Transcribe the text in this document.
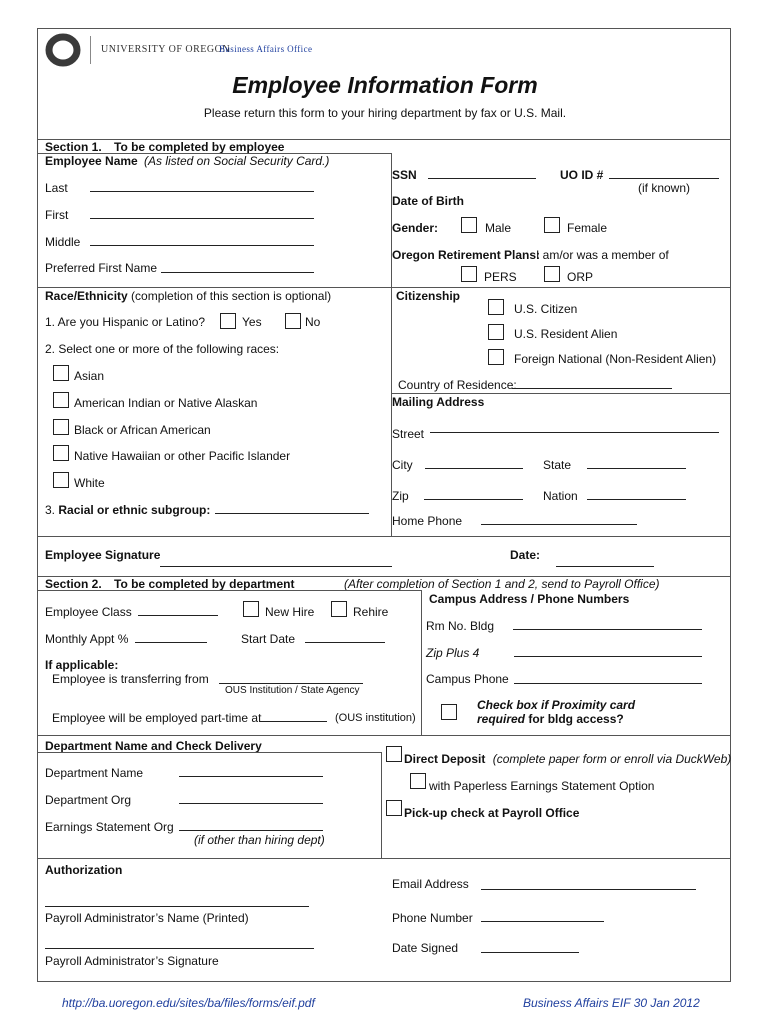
UNIVERSITY OF OREGON
Business Affairs Office
Employee Information Form
Please return this form to your hiring department by fax or U.S. Mail.
Section 1. To be completed by employee
Employee Name (As listed on Social Security Card.)
Last
First
Middle
Preferred First Name
SSN	UO ID #
(if known)
Date of Birth
Gender:	Male	Female
Oregon Retirement Plans:
I am/or was a member of
PERS	ORP
Race/Ethnicity (completion of this section is optional)
1. Are you Hispanic or Latino?	Yes	No
2. Select one or more of the following races:
Asian
American Indian or Native Alaskan
Black or African American
Native Hawaiian or other Pacific Islander
White
3. Racial or ethnic subgroup:
Citizenship
U.S. Citizen
U.S. Resident Alien
Foreign National (Non-Resident Alien)
Country of Residence:
Mailing Address
Street
City	State
Zip	Nation
Home Phone
Employee Signature	Date:
Section 2. To be completed by department	(After completion of Section 1 and 2, send to Payroll Office)
Employee Class	New Hire	Rehire
Monthly Appt %	Start Date
If applicable:
Employee is transferring from
OUS Institution / State Agency
Employee will be employed part-time at	(OUS institution)
Campus Address / Phone Numbers
Rm No. Bldg
Zip Plus 4
Campus Phone
Check box if Proximity card
required for bldg access?
Department Name and Check Delivery
Department Name
Department Org
Earnings Statement Org
(if other than hiring dept)
Direct Deposit (complete paper form or enroll via DuckWeb)
with Paperless Earnings Statement Option
Pick-up check at Payroll Office
Authorization
Email Address
Payroll Administrator’s Name (Printed)	Phone Number
Date Signed
Payroll Administrator’s Signature
http://ba.uoregon.edu/sites/ba/files/forms/eif.pdf	Business Affairs EIF 30 Jan 2012
